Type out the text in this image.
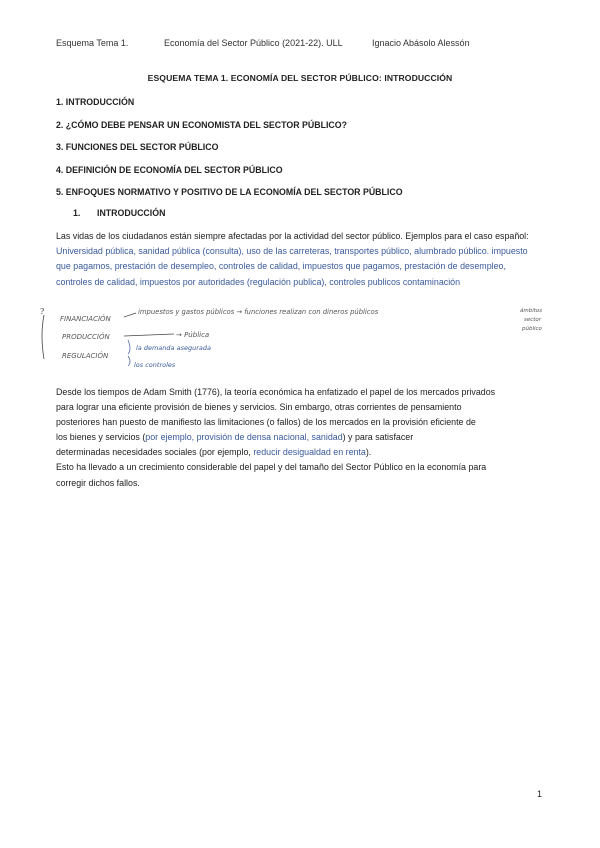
Esquema Tema 1.	Economía del Sector Público (2021-22). ULL	Ignacio Abásolo Alessón
ESQUEMA TEMA 1. ECONOMÍA DEL SECTOR PÚBLICO: INTRODUCCIÓN
1. INTRODUCCIÓN
2. ¿CÓMO DEBE PENSAR UN ECONOMISTA DEL SECTOR PÚBLICO?
3. FUNCIONES DEL SECTOR PÚBLICO
4. DEFINICIÓN DE ECONOMÍA DEL SECTOR PÚBLICO
5. ENFOQUES NORMATIVO Y POSITIVO DE LA ECONOMÍA DEL SECTOR PÚBLICO
1. INTRODUCCIÓN
Las vidas de los ciudadanos están siempre afectadas por la actividad del sector público. Ejemplos para el caso español: Universidad pública, sanidad pública (consulta), uso de las carreteras, transportes público, alumbrado público. impuesto que pagamos, prestación de desempleo, controles de calidad, impuestos que pagamos, prestación de desempleo, controles de calidad, impuestos por autoridades (regulación publica), controles publicos contaminación
?
FINANCIACIÓN
impuestos y gastos públicos → funciones realizan con dineros públicos
PRODUCCIÓN	→ Pública
REGULACIÓN
la demanda asegurada
los controles
ámbitos
sector
público
Desde los tiempos de Adam Smith (1776), la teoría económica ha enfatizado el papel de los mercados privados
para lograr una eficiente provisión de bienes y servicios. Sin embargo, otras corrientes de pensamiento
posteriores han puesto de manifiesto las limitaciones (o fallos) de los mercados en la provisión eficiente de
los bienes y servicios (por ejemplo, provisión de densa nacional, sanidad) y para satisfacer
determinadas necesidades sociales (por ejemplo, reducir desigualdad en renta).
Esto ha llevado a un crecimiento considerable del papel y del tamaño del Sector Público en la economía para
corregir dichos fallos.
1
